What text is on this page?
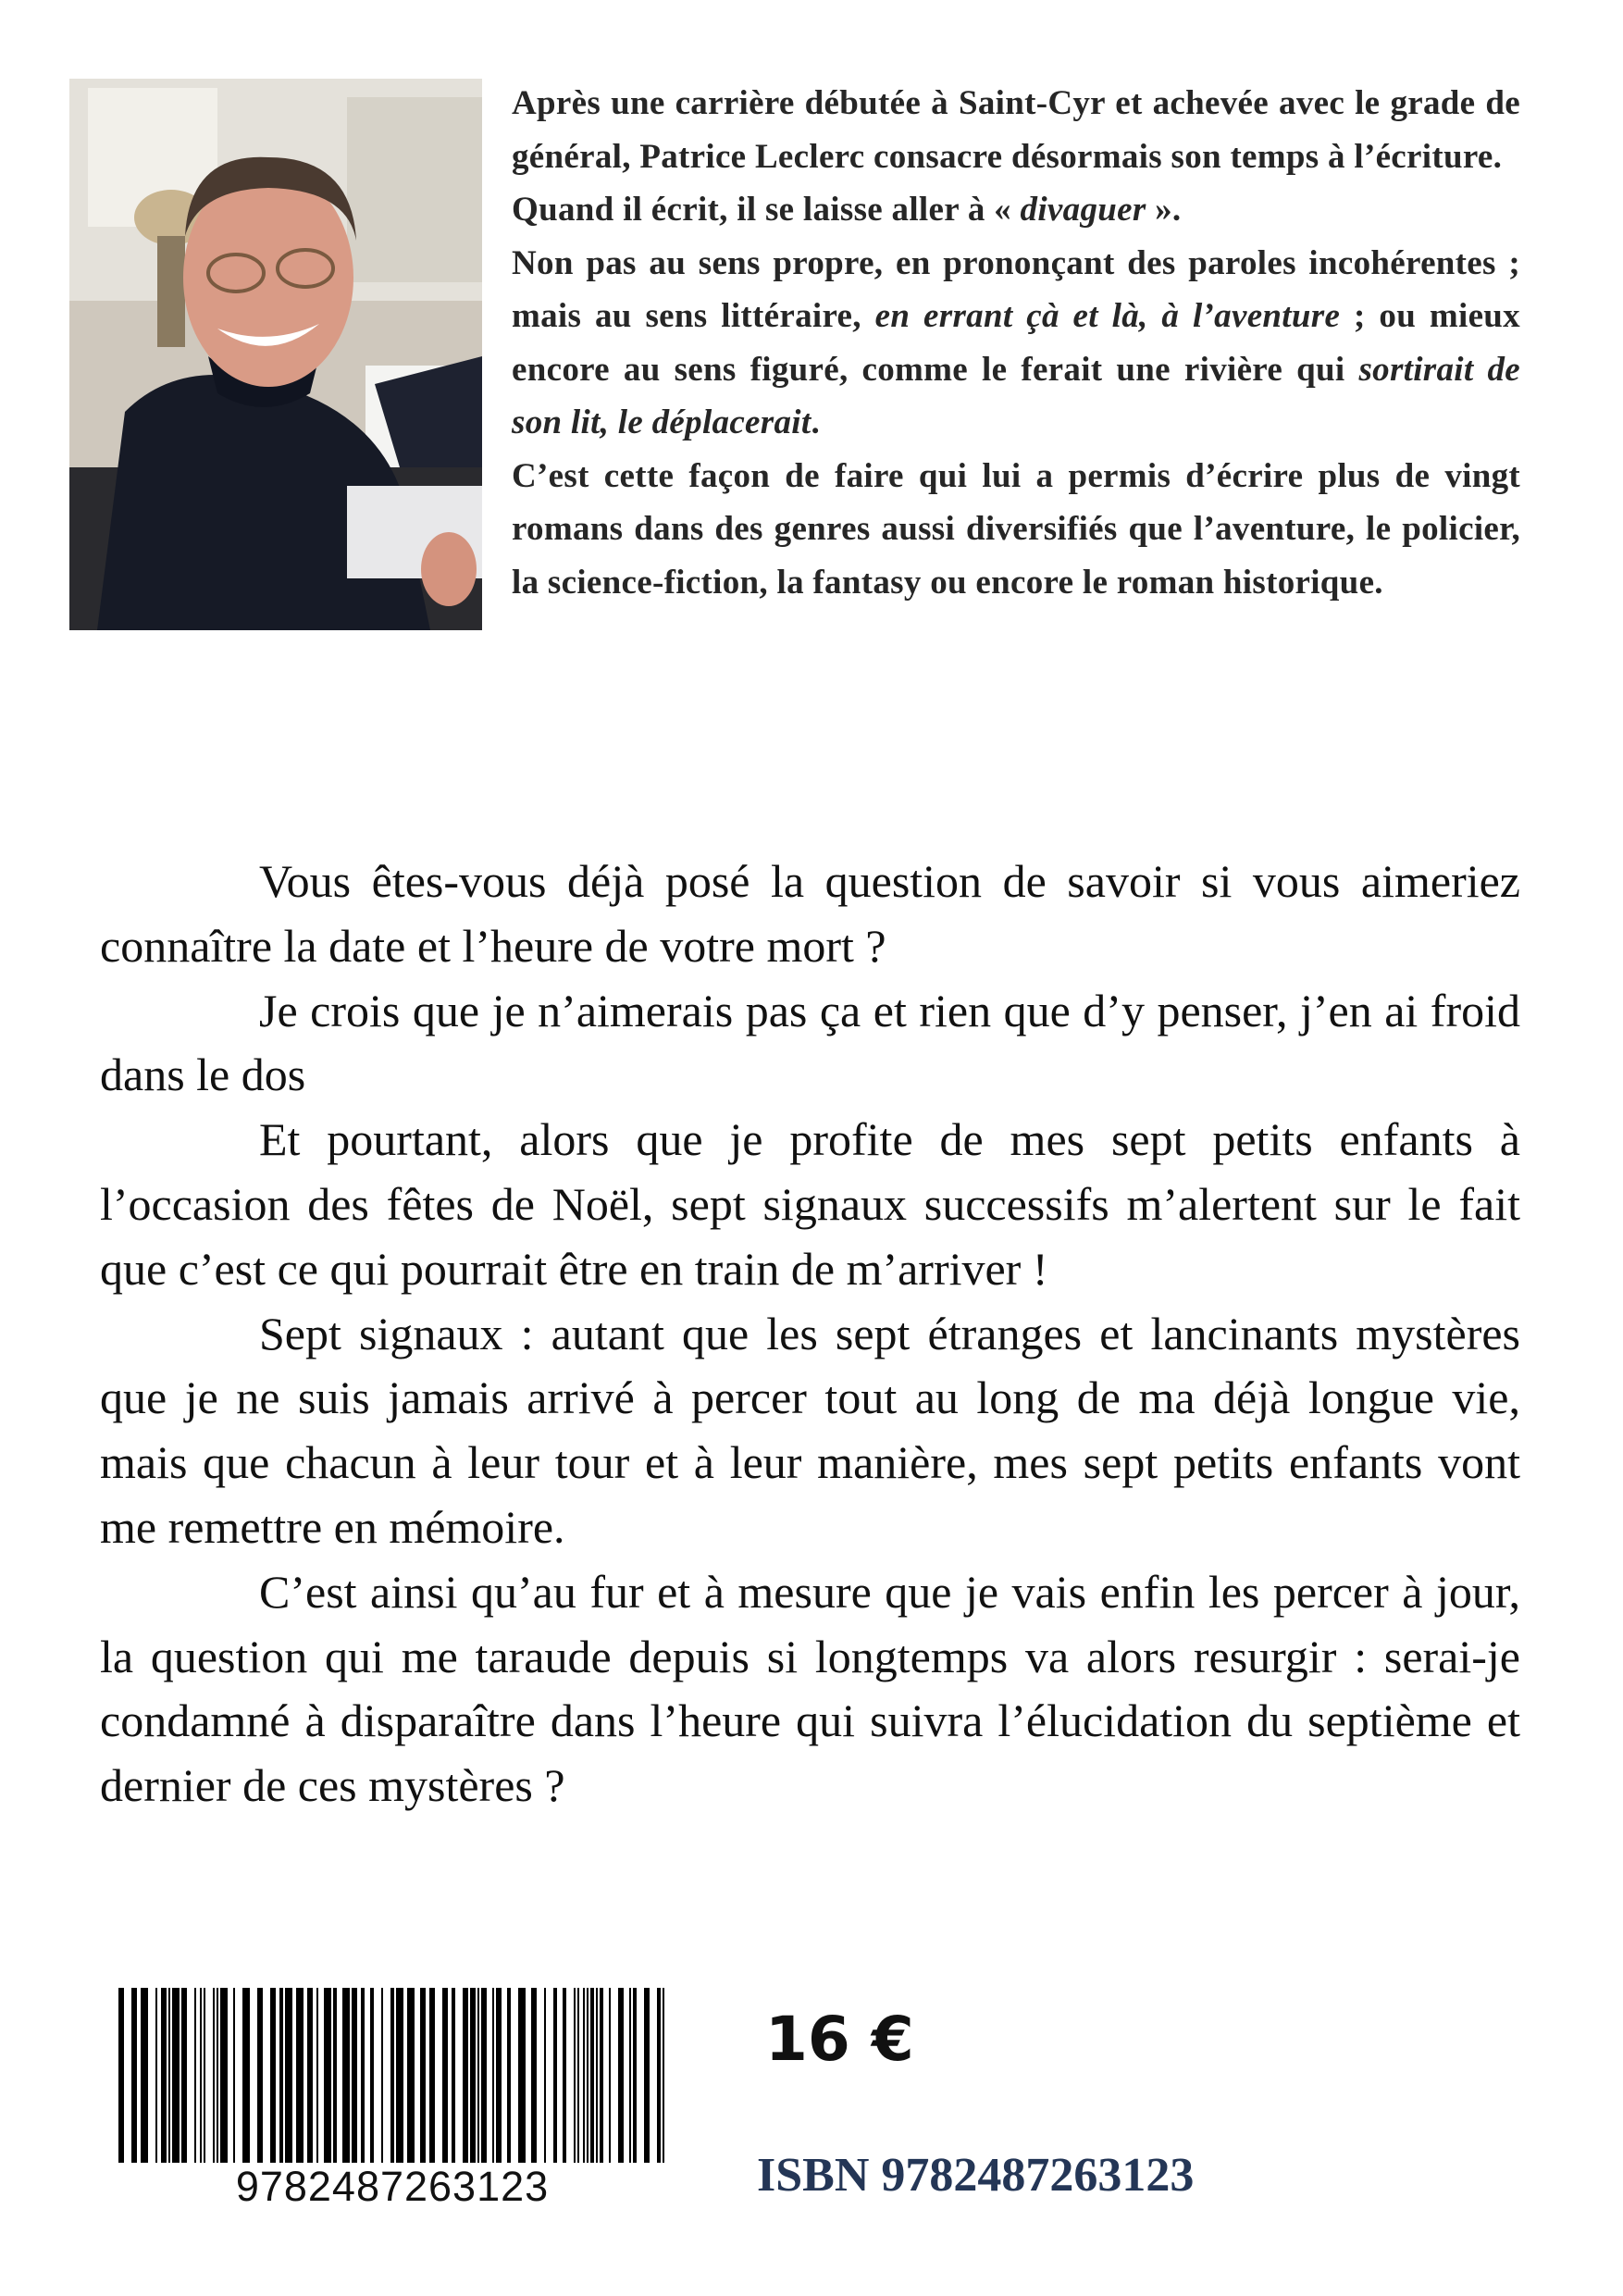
Après une carrière débutée à Saint-Cyr et achevée avec le grade de général, Patrice Leclerc consacre désormais son temps à l’écriture.

Quand il écrit, il se laisse aller à « divaguer ».

Non pas au sens propre, en prononçant des paroles incohérentes ; mais au sens littéraire, en errant çà et là, à l’aventure ; ou mieux encore au sens figuré, comme le ferait une rivière qui sortirait de son lit, le déplacerait.

C’est cette façon de faire qui lui a permis d’écrire plus de vingt romans dans des genres aussi diversifiés que l’aventure, le policier, la science-fiction, la fantasy ou encore le roman historique.

Vous êtes-vous déjà posé la question de savoir si vous aimeriez connaître la date et l’heure de votre mort ?

Je crois que je n’aimerais pas ça et rien que d’y penser, j’en ai froid dans le dos

Et pourtant, alors que je profite de mes sept petits enfants à l’occasion des fêtes de Noël, sept signaux successifs m’alertent sur le fait que c’est ce qui pourrait être en train de m’arriver !

Sept signaux : autant que les sept étranges et lancinants mystères que je ne suis jamais arrivé à percer tout au long de ma déjà longue vie, mais que chacun à leur tour et à leur manière, mes sept petits enfants vont me remettre en mémoire.

C’est ainsi qu’au fur et à mesure que je vais enfin les percer à jour, la question qui me taraude depuis si longtemps va alors resurgir : serai-je condamné à disparaître dans l’heure qui suivra l’élucidation du septième et dernier de ces mystères ?

9782487263123
16 €
ISBN 9782487263123
